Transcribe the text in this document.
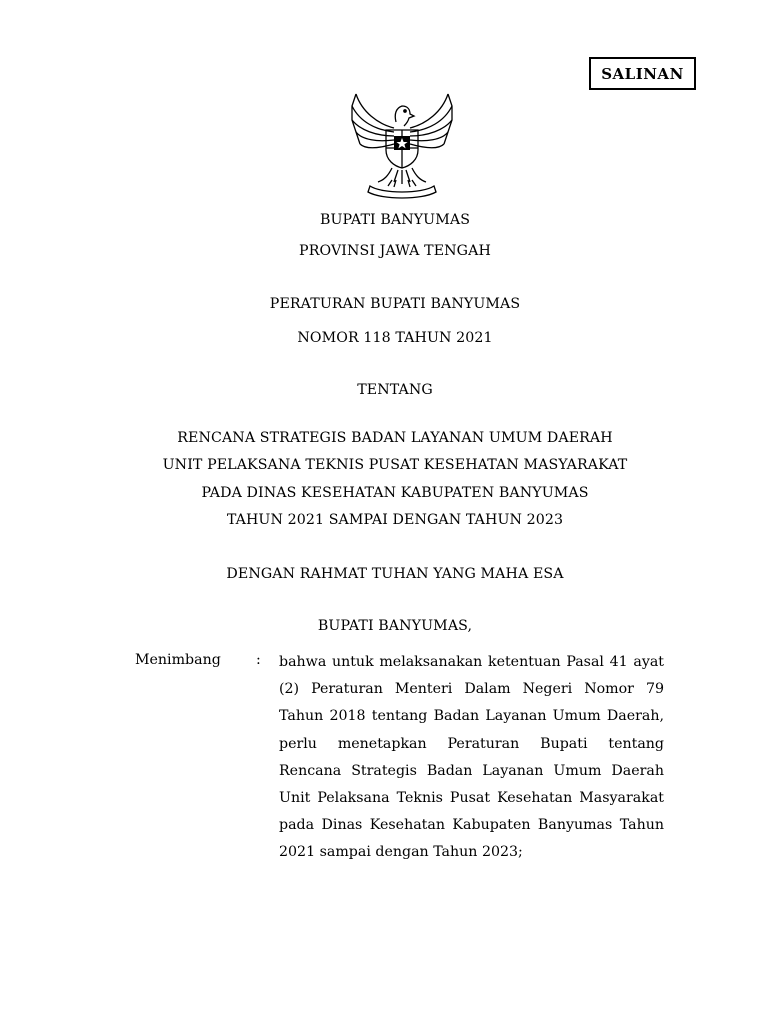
SALINAN
BUPATI BANYUMAS
PROVINSI JAWA TENGAH
PERATURAN BUPATI BANYUMAS
NOMOR 118 TAHUN 2021
TENTANG
RENCANA STRATEGIS BADAN LAYANAN UMUM DAERAH
UNIT PELAKSANA TEKNIS PUSAT KESEHATAN MASYARAKAT
PADA DINAS KESEHATAN KABUPATEN BANYUMAS
TAHUN 2021 SAMPAI DENGAN TAHUN 2023
DENGAN RAHMAT TUHAN YANG MAHA ESA
BUPATI BANYUMAS,
Menimbang : bahwa untuk melaksanakan ketentuan Pasal 41 ayat (2) Peraturan Menteri Dalam Negeri Nomor 79 Tahun 2018 tentang Badan Layanan Umum Daerah, perlu menetapkan Peraturan Bupati tentang Rencana Strategis Badan Layanan Umum Daerah Unit Pelaksana Teknis Pusat Kesehatan Masyarakat pada Dinas Kesehatan Kabupaten Banyumas Tahun 2021 sampai dengan Tahun 2023;
